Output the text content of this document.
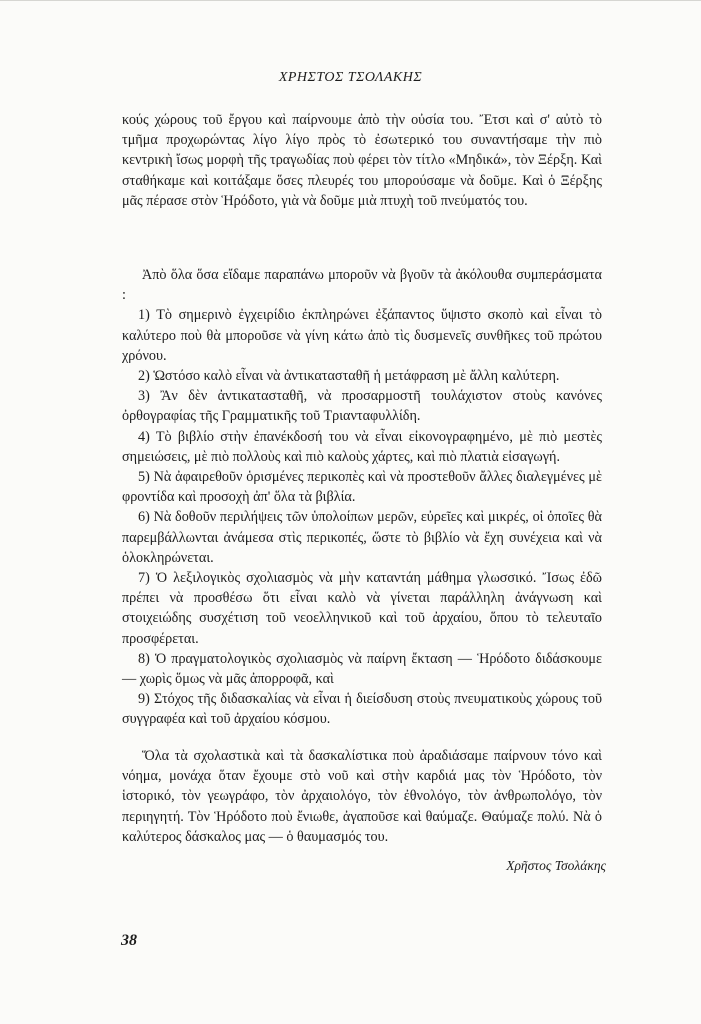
ΧΡΗΣΤΟΣ ΤΣΟΛΑΚΗΣ

κούς χώρους τοῦ ἔργου καὶ παίρνουμε ἀπὸ τὴν οὐσία του. Ἔτσι καὶ σ' αὐτὸ τὸ τμῆμα προχωρώντας λίγο λίγο πρὸς τὸ ἐσωτερικό του συναντήσαμε τὴν πιὸ κεντρικὴ ἴσως μορφὴ τῆς τραγωδίας ποὺ φέρει τὸν τίτλο «Μηδικά», τὸν Ξέρξη. Καὶ σταθήκαμε καὶ κοιτάξαμε ὅσες πλευρές του μπορούσαμε νὰ δοῦμε. Καὶ ὁ Ξέρξης μᾶς πέρασε στὸν Ἡρόδοτο, γιὰ νὰ δοῦμε μιὰ πτυχὴ τοῦ πνεύματός του.

Ἀπὸ ὅλα ὅσα εἴδαμε παραπάνω μποροῦν νὰ βγοῦν τὰ ἀκόλουθα συμπεράσματα :

1) Τὸ σημερινὸ ἐγχειρίδιο ἐκπληρώνει ἐξάπαντος ὕψιστο σκοπὸ καὶ εἶναι τὸ καλύτερο ποὺ θὰ μποροῦσε νὰ γίνη κάτω ἀπὸ τὶς δυσμενεῖς συνθῆκες τοῦ πρώτου χρόνου.

2) Ὡστόσο καλὸ εἶναι νὰ ἀντικατασταθῆ ἡ μετάφραση μὲ ἄλλη καλύτερη.

3) Ἂν δὲν ἀντικατασταθῆ, νὰ προσαρμοστῆ τουλάχιστον στοὺς κανόνες ὀρθογραφίας τῆς Γραμματικῆς τοῦ Τριανταφυλλίδη.

4) Τὸ βιβλίο στὴν ἐπανέκδοσή του νὰ εἶναι εἰκονογραφημένο, μὲ πιὸ μεστὲς σημειώσεις, μὲ πιὸ πολλοὺς καὶ πιὸ καλοὺς χάρτες, καὶ πιὸ πλατιὰ εἰσαγωγή.

5) Νὰ ἀφαιρεθοῦν ὁρισμένες περικοπὲς καὶ νὰ προστεθοῦν ἄλλες διαλεγμένες μὲ φροντίδα καὶ προσοχὴ ἀπ' ὅλα τὰ βιβλία.

6) Νὰ δοθοῦν περιλήψεις τῶν ὑπολοίπων μερῶν, εὐρεῖες καὶ μικρές, οἱ ὁποῖες θὰ παρεμβάλλωνται ἀνάμεσα στὶς περικοπές, ὥστε τὸ βιβλίο νὰ ἔχη συνέχεια καὶ νὰ ὁλοκληρώνεται.

7) Ὁ λεξιλογικὸς σχολιασμὸς νὰ μὴν καταντάη μάθημα γλωσσικό. Ἴσως ἐδῶ πρέπει νὰ προσθέσω ὅτι εἶναι καλὸ νὰ γίνεται παράλληλη ἀνάγνωση καὶ στοιχειώδης συσχέτιση τοῦ νεοελληνικοῦ καὶ τοῦ ἀρχαίου, ὅπου τὸ τελευταῖο προσφέρεται.

8) Ὁ πραγματολογικὸς σχολιασμὸς νὰ παίρνη ἔκταση — Ἡρόδοτο διδάσκουμε — χωρὶς ὅμως νὰ μᾶς ἀπορροφᾶ, καὶ

9) Στόχος τῆς διδασκαλίας νὰ εἶναι ἡ διείσδυση στοὺς πνευματικοὺς χώρους τοῦ συγγραφέα καὶ τοῦ ἀρχαίου κόσμου.

Ὅλα τὰ σχολαστικὰ καὶ τὰ δασκαλίστικα ποὺ ἀραδιάσαμε παίρνουν τόνο καὶ νόημα, μονάχα ὅταν ἔχουμε στὸ νοῦ καὶ στὴν καρδιά μας τὸν Ἡρόδοτο, τὸν ἱστορικό, τὸν γεωγράφο, τὸν ἀρχαιολόγο, τὸν ἐθνολόγο, τὸν ἀνθρωπολόγο, τὸν περιηγητή. Τὸν Ἡρόδοτο ποὺ ἔνιωθε, ἀγαποῦσε καὶ θαύμαζε. Θαύμαζε πολύ. Νὰ ὁ καλύτερος δάσκαλος μας — ὁ θαυμασμός του.

Χρῆστος Τσολάκης
38
